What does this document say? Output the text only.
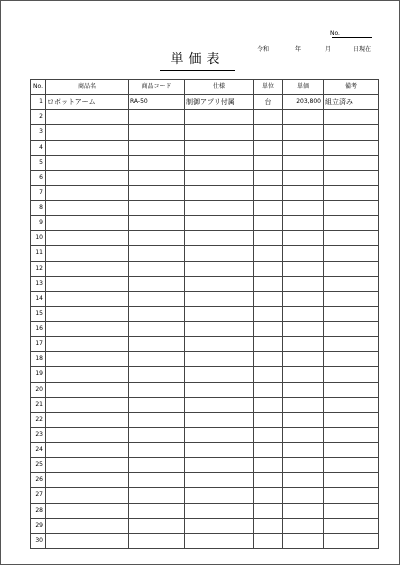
No.
令和	年	月	日現在
単価表
No.	商品名	商品コード	仕様	単位	単価	備考
1	ロボットアーム	RA-50	制御アプリ付属	台	203,800	組立済み
2						
3						
4						
5						
6						
7						
8						
9						
10						
11						
12						
13						
14						
15						
16						
17						
18						
19						
20						
21						
22						
23						
24						
25						
26						
27						
28						
29						
30						
